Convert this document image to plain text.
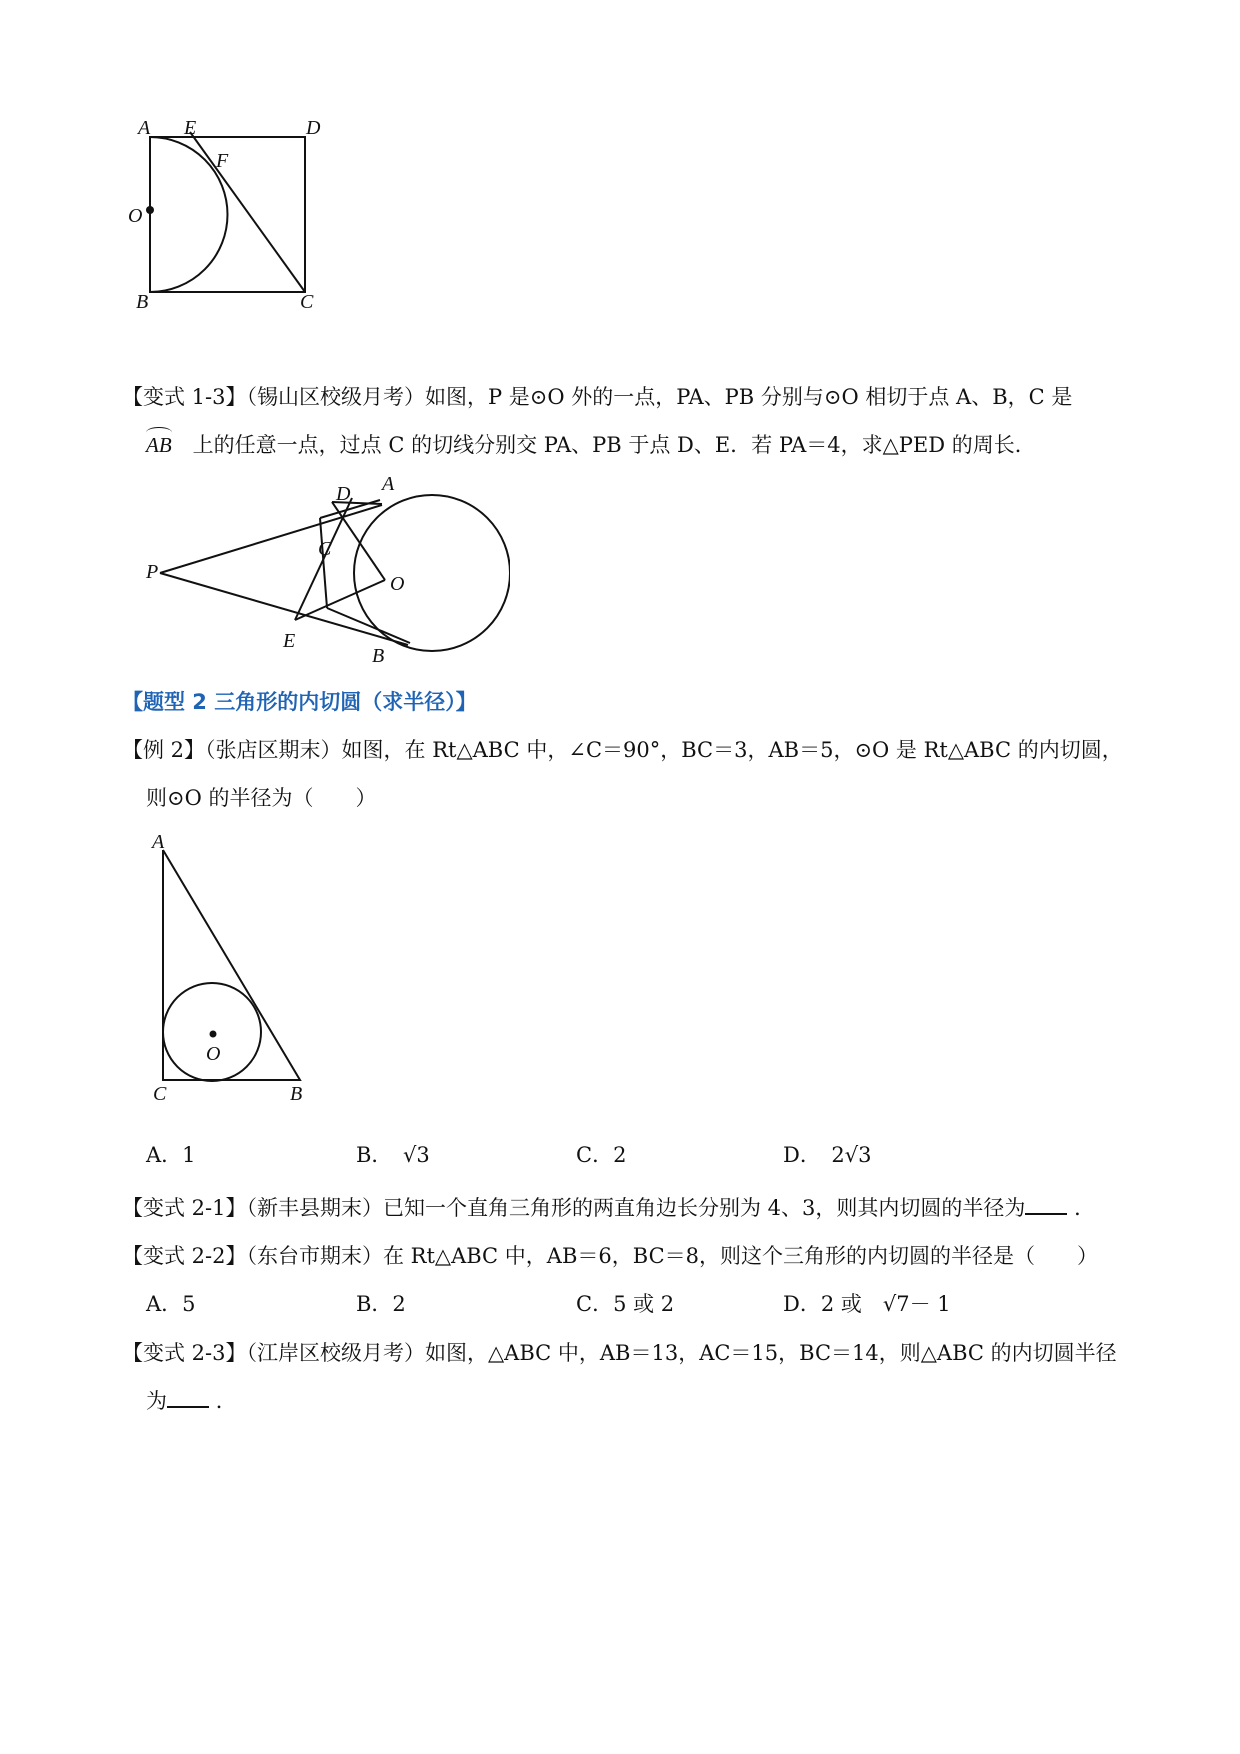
A E	D
F
O
B	C
【变式 1-3】（锡山区校级月考）如图，P 是⊙O 外的一点，PA、PB 分别与⊙O 相切于点 A、B，C 是
AB　 上的任意一点，过点 C 的切线分别交 PA、PB 于点 D、E．若 PA＝4，求△PED 的周长．
P
D A
C
O
E
B
【题型 2 三角形的内切圆（求半径）】
【例 2】（张店区期末）如图，在 Rt△ABC 中，∠C＝90°，BC＝3，AB＝5，⊙O 是 Rt△ABC 的内切圆，
则⊙O 的半径为（　　）
A
O
C	B
A．1	B．　 √3	C．2	D．　 2√3
【变式 2-1】（新丰县期末）已知一个直角三角形的两直角边长分别为 4、3，则其内切圆的半径为 ．
【变式 2-2】（东台市期末）在 Rt△ABC 中，AB＝6，BC＝8，则这个三角形的内切圆的半径是（　　）
A．5	B．2	C．5 或 2	D．2 或　 √7－ 1
【变式 2-3】（江岸区校级月考）如图，△ABC 中，AB＝13，AC＝15，BC＝14，则△ABC 的内切圆半径
为 ．
